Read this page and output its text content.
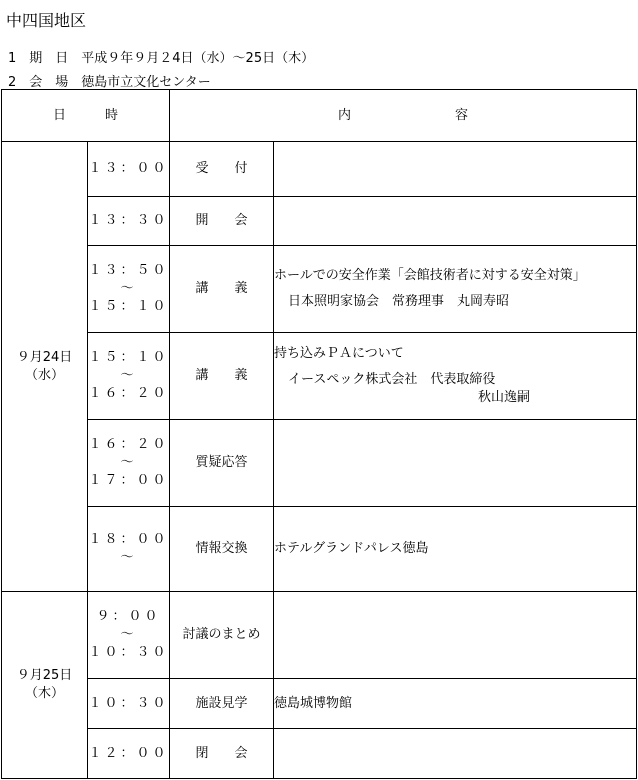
中四国地区
1　期　日　平成９年９月２4日（水）～25日（木）
2　会　場　徳島市立文化センター
日　　　時		内　　　　　　　　容	

９月24日
（水）	１３：００	受　　付	

	１３：３０	開　　会	

	１３：５０
～
１５：１０	講　　義	ホールでの安全作業「会館技術者に対する安全対策」
日本照明家協会　常務理事　丸岡寿昭

	１５：１０
～
１６：２０	講　　義	持ち込みＰＡについて
イースペック株式会社　代表取締役
秋山逸嗣

	１６：２０
～
１７：００	質疑応答	

	１８：００
～	情報交換	ホテルグランドパレス徳島

９月25日
（木）	９：００
～
１０：３０	討議のまとめ	

	１０：３０	施設見学	徳島城博物館

	１２：００	閉　　会	
